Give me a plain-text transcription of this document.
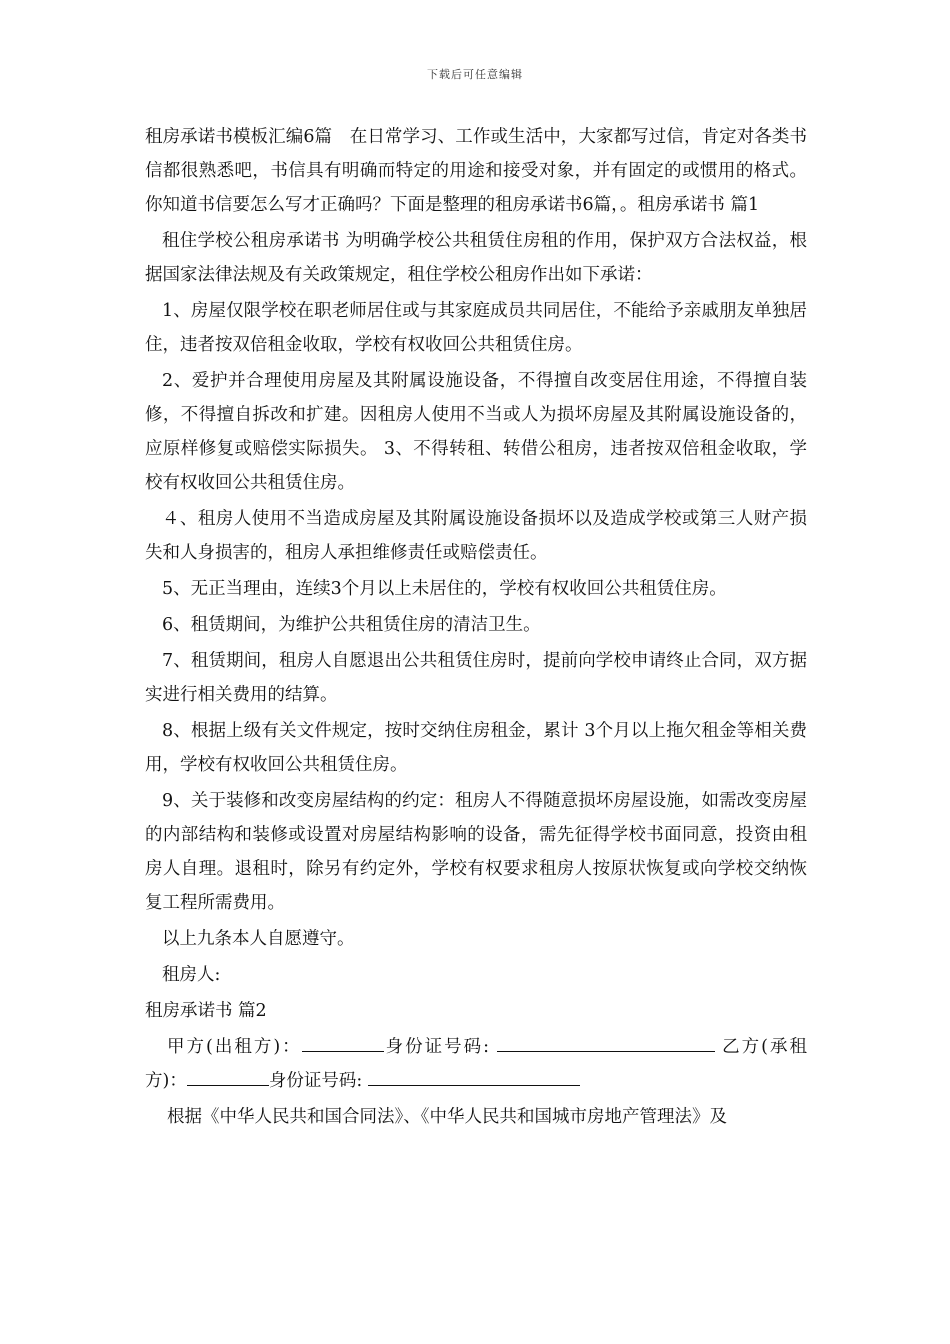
下载后可任意编辑

租房承诺书模板汇编6篇　在日常学习、工作或生活中，大家都写过信，肯定对各类书信都很熟悉吧，书信具有明确而特定的用途和接受对象，并有固定的或惯用的格式。你知道书信要怎么写才正确吗？下面是整理的租房承诺书6篇，。租房承诺书 篇1

租住学校公租房承诺书 为明确学校公共租赁住房租的作用，保护双方合法权益，根据国家法律法规及有关政策规定，租住学校公租房作出如下承诺：

1、房屋仅限学校在职老师居住或与其家庭成员共同居住，不能给予亲戚朋友单独居住，违者按双倍租金收取，学校有权收回公共租赁住房。

2、爱护并合理使用房屋及其附属设施设备，不得擅自改变居住用途，不得擅自装修，不得擅自拆改和扩建。因租房人使用不当或人为损坏房屋及其附属设施设备的，应原样修复或赔偿实际损失。 3、不得转租、转借公租房，违者按双倍租金收取，学校有权收回公共租赁住房。

４、租房人使用不当造成房屋及其附属设施设备损坏以及造成学校或第三人财产损失和人身损害的，租房人承担维修责任或赔偿责任。

5、无正当理由，连续3个月以上未居住的，学校有权收回公共租赁住房。

6、租赁期间，为维护公共租赁住房的清洁卫生。

7、租赁期间，租房人自愿退出公共租赁住房时，提前向学校申请终止合同，双方据实进行相关费用的结算。

8、根据上级有关文件规定，按时交纳住房租金，累计 3个月以上拖欠租金等相关费用，学校有权收回公共租赁住房。

9、关于装修和改变房屋结构的约定：租房人不得随意损坏房屋设施，如需改变房屋的内部结构和装修或设置对房屋结构影响的设备，需先征得学校书面同意，投资由租房人自理。退租时，除另有约定外，学校有权要求租房人按原状恢复或向学校交纳恢复工程所需费用。

以上九条本人自愿遵守。

租房人:

租房承诺书 篇2

甲方(出租方)：	身份证号码:	乙方(承租方)：	身份证号码:

根据《中华人民共和国合同法》、《中华人民共和国城市房地产管理法》及
